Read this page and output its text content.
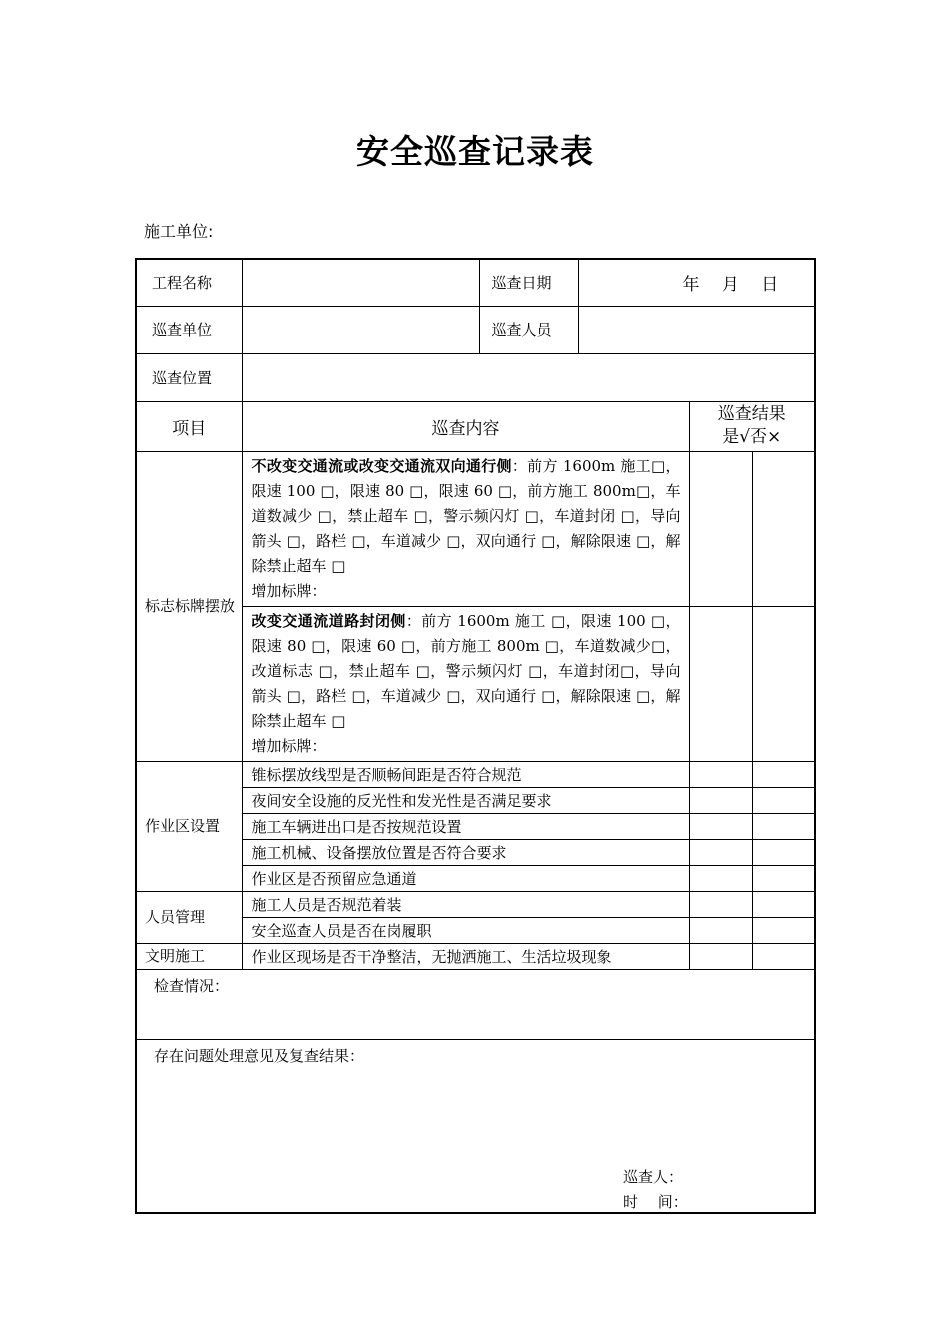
安全巡查记录表
施工单位:
工程名称		巡查日期	年　 月　 日		
巡查单位		巡查人员			
巡查位置					
项目	巡查内容			巡查结果
是√否×	

标志标牌摆放	不改变交通流或改变交通流双向通行侧：前方 1600m 施工□，限速 100 □，限速 80 □，限速 60 □，前方施工 800m□，车道数减少 □，禁止超车 □，警示频闪灯 □，车道封闭 □，导向箭头 □，路栏 □，车道减少 □，双向通行 □，解除限速 □，解除禁止超车 □
增加标牌：				
	改变交通流道路封闭侧：前方 1600m 施工 □，限速 100 □，限速 80 □，限速 60 □，前方施工 800m □，车道数减少□，改道标志 □，禁止超车 □，警示频闪灯 □，车道封闭□，导向箭头 □，路栏 □，车道减少 □，双向通行 □，解除限速 □，解除禁止超车 □
增加标牌：				
作业区设置	锥标摆放线型是否顺畅间距是否符合规范				
	夜间安全设施的反光性和发光性是否满足要求				
	施工车辆进出口是否按规范设置				
	施工机械、设备摆放位置是否符合要求				
	作业区是否预留应急通道				
人员管理	施工人员是否规范着装				
	安全巡查人员是否在岗履职				
文明施工	作业区现场是否干净整洁，无抛洒施工、生活垃圾现象				
检查情况：					
存在问题处理意见及复查结果：
巡查人：
时　 间：					
